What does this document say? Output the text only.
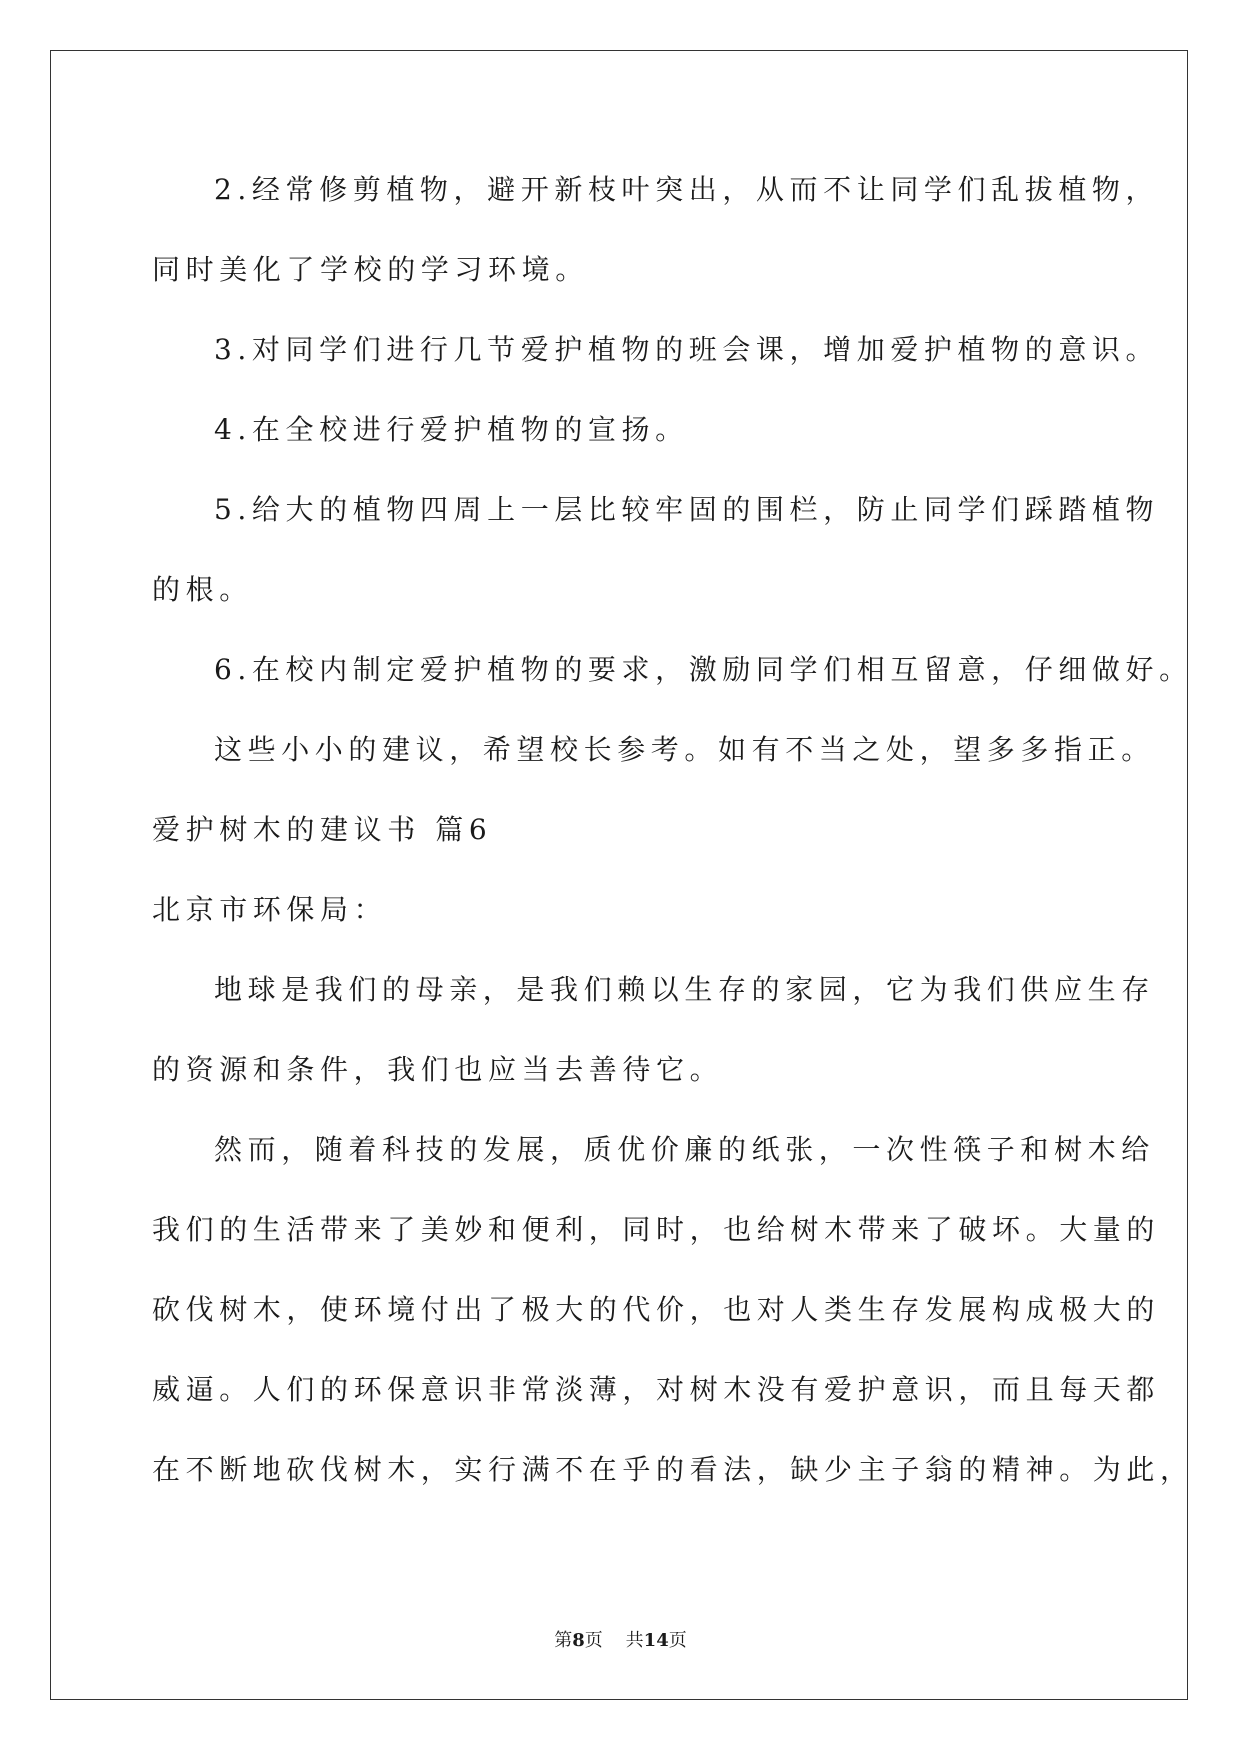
2.经常修剪植物，避开新枝叶突出，从而不让同学们乱拔植物，
同时美化了学校的学习环境。
3.对同学们进行几节爱护植物的班会课，增加爱护植物的意识。
4.在全校进行爱护植物的宣扬。
5.给大的植物四周上一层比较牢固的围栏，防止同学们踩踏植物
的根。
6.在校内制定爱护植物的要求，激励同学们相互留意，仔细做好。
这些小小的建议，希望校长参考。如有不当之处，望多多指正。
爱护树木的建议书 篇6
北京市环保局：
地球是我们的母亲，是我们赖以生存的家园，它为我们供应生存
的资源和条件，我们也应当去善待它。
然而，随着科技的发展，质优价廉的纸张，一次性筷子和树木给
我们的生活带来了美妙和便利，同时，也给树木带来了破坏。大量的
砍伐树木，使环境付出了极大的代价，也对人类生存发展构成极大的
威逼。人们的环保意识非常淡薄，对树木没有爱护意识，而且每天都
在不断地砍伐树木，实行满不在乎的看法，缺少主子翁的精神。为此，
第8页 共14页
